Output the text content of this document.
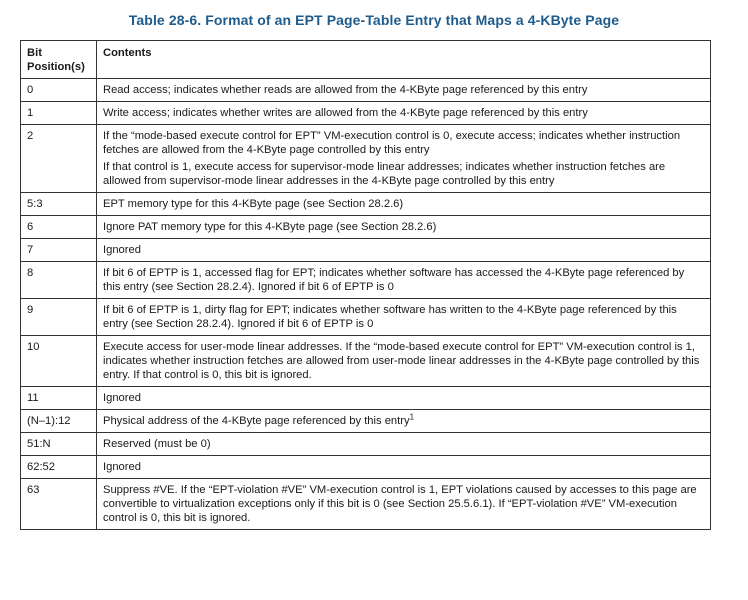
Table 28-6. Format of an EPT Page-Table Entry that Maps a 4-KByte Page
Bit Position(s)	Contents
0	Read access; indicates whether reads are allowed from the 4-KByte page referenced by this entry

1	Write access; indicates whether writes are allowed from the 4-KByte page referenced by this entry

2	If the “mode-based execute control for EPT” VM-execution control is 0, execute access; indicates whether instruction fetches are allowed from the 4-KByte page controlled by this entry
If that control is 1, execute access for supervisor-mode linear addresses; indicates whether instruction fetches are allowed from supervisor-mode linear addresses in the 4-KByte page controlled by this entry

5:3	EPT memory type for this 4-KByte page (see Section 28.2.6)

6	Ignore PAT memory type for this 4-KByte page (see Section 28.2.6)

7	Ignored

8	If bit 6 of EPTP is 1, accessed flag for EPT; indicates whether software has accessed the 4-KByte page referenced by this entry (see Section 28.2.4). Ignored if bit 6 of EPTP is 0

9	If bit 6 of EPTP is 1, dirty flag for EPT; indicates whether software has written to the 4-KByte page referenced by this entry (see Section 28.2.4). Ignored if bit 6 of EPTP is 0

10	Execute access for user-mode linear addresses. If the “mode-based execute control for EPT” VM-execution control is 1, indicates whether instruction fetches are allowed from user-mode linear addresses in the 4-KByte page controlled by this entry. If that control is 0, this bit is ignored.

11	Ignored

(N–1):12	Physical address of the 4-KByte page referenced by this entry$^1$

51:N	Reserved (must be 0)

62:52	Ignored

63	Suppress #VE. If the “EPT-violation #VE” VM-execution control is 1, EPT violations caused by accesses to this page are convertible to virtualization exceptions only if this bit is 0 (see Section 25.5.6.1). If “EPT-violation #VE” VM-execution control is 0, this bit is ignored.
